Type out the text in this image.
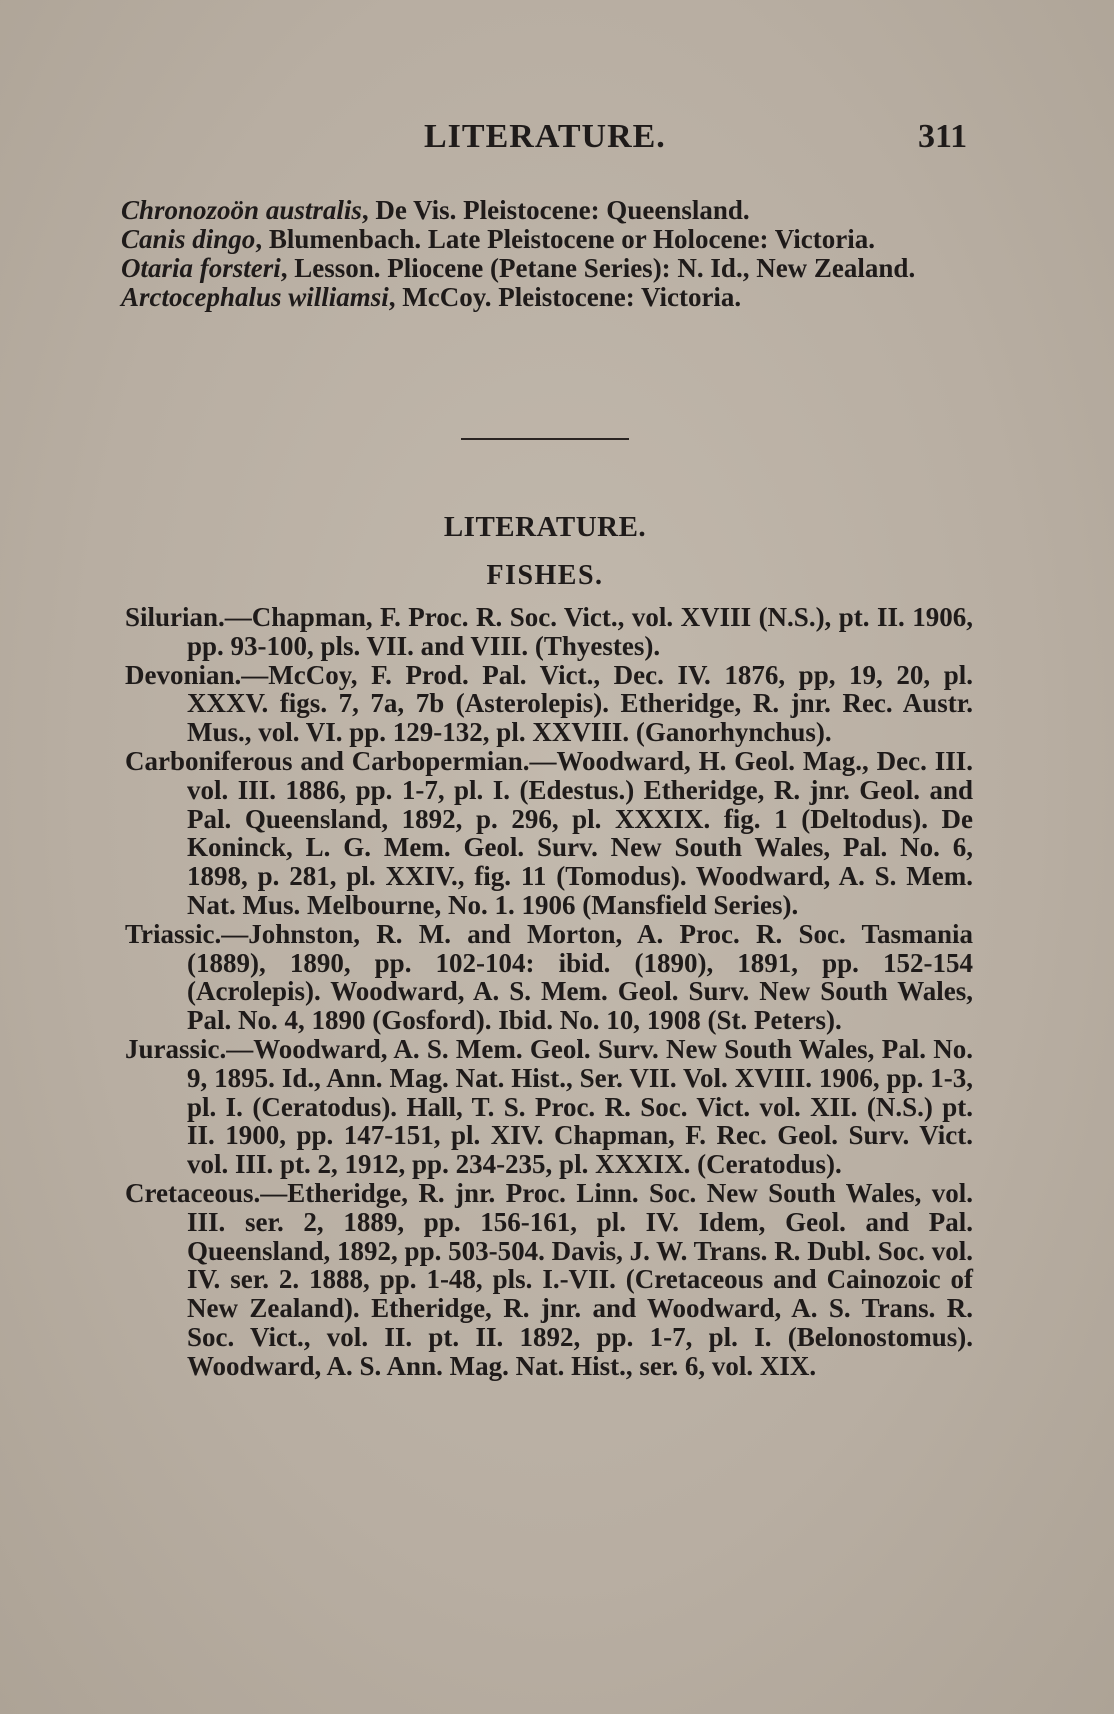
LITERATURE.	311
Chronozoön australis, De Vis. Pleistocene: Queensland.
Canis dingo, Blumenbach. Late Pleistocene or Holocene: Victoria.
Otaria forsteri, Lesson. Pliocene (Petane Series): N. Id., New Zealand.
Arctocephalus williamsi, McCoy. Pleistocene: Victoria.
LITERATURE.
FISHES.
Silurian.—Chapman, F. Proc. R. Soc. Vict., vol. XVIII (N.S.), pt. II. 1906, pp. 93-100, pls. VII. and VIII. (Thyestes).
Devonian.—McCoy, F. Prod. Pal. Vict., Dec. IV. 1876, pp, 19, 20, pl. XXXV. figs. 7, 7a, 7b (Asterolepis). Etheridge, R. jnr. Rec. Austr. Mus., vol. VI. pp. 129-132, pl. XXVIII. (Ganorhynchus).
Carboniferous and Carbopermian.—Woodward, H. Geol. Mag., Dec. III. vol. III. 1886, pp. 1-7, pl. I. (Edestus.) Etheridge, R. jnr. Geol. and Pal. Queensland, 1892, p. 296, pl. XXXIX. fig. 1 (Deltodus). De Koninck, L. G. Mem. Geol. Surv. New South Wales, Pal. No. 6, 1898, p. 281, pl. XXIV., fig. 11 (Tomodus). Woodward, A. S. Mem. Nat. Mus. Melbourne, No. 1. 1906 (Mansfield Series).
Triassic.—Johnston, R. M. and Morton, A. Proc. R. Soc. Tasmania (1889), 1890, pp. 102-104: ibid. (1890), 1891, pp. 152-154 (Acrolepis). Woodward, A. S. Mem. Geol. Surv. New South Wales, Pal. No. 4, 1890 (Gosford). Ibid. No. 10, 1908 (St. Peters).
Jurassic.—Woodward, A. S. Mem. Geol. Surv. New South Wales, Pal. No. 9, 1895. Id., Ann. Mag. Nat. Hist., Ser. VII. Vol. XVIII. 1906, pp. 1-3, pl. I. (Ceratodus). Hall, T. S. Proc. R. Soc. Vict. vol. XII. (N.S.) pt. II. 1900, pp. 147-151, pl. XIV. Chapman, F. Rec. Geol. Surv. Vict. vol. III. pt. 2, 1912, pp. 234-235, pl. XXXIX. (Ceratodus).
Cretaceous.—Etheridge, R. jnr. Proc. Linn. Soc. New South Wales, vol. III. ser. 2, 1889, pp. 156-161, pl. IV. Idem, Geol. and Pal. Queensland, 1892, pp. 503-504. Davis, J. W. Trans. R. Dubl. Soc. vol. IV. ser. 2. 1888, pp. 1-48, pls. I.-VII. (Cretaceous and Cainozoic of New Zealand). Etheridge, R. jnr. and Woodward, A. S. Trans. R. Soc. Vict., vol. II. pt. II. 1892, pp. 1-7, pl. I. (Belonostomus). Woodward, A. S. Ann. Mag. Nat. Hist., ser. 6, vol. XIX.
